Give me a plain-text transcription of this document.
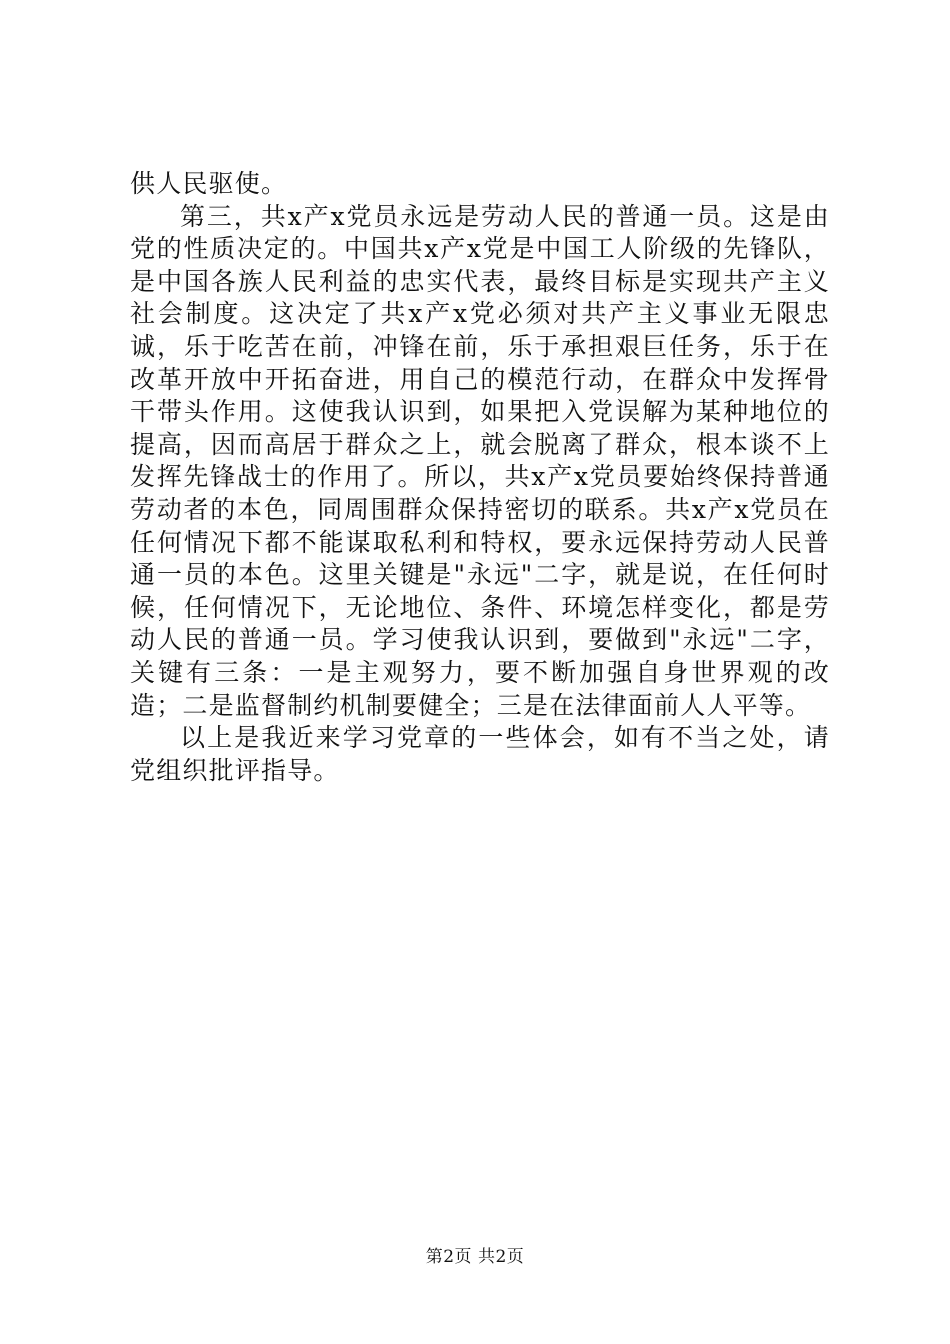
供人民驱使。

第三，共x产x党员永远是劳动人民的普通一员。这是由党的性质决定的。中国共x产x党是中国工人阶级的先锋队，是中国各族人民利益的忠实代表，最终目标是实现共产主义社会制度。这决定了共x产x党必须对共产主义事业无限忠诚，乐于吃苦在前，冲锋在前，乐于承担艰巨任务，乐于在改革开放中开拓奋进，用自己的模范行动，在群众中发挥骨干带头作用。这使我认识到，如果把入党误解为某种地位的提高，因而高居于群众之上，就会脱离了群众，根本谈不上发挥先锋战士的作用了。所以，共x产x党员要始终保持普通劳动者的本色，同周围群众保持密切的联系。共x产x党员在任何情况下都不能谋取私利和特权，要永远保持劳动人民普通一员的本色。这里关键是"永远"二字，就是说，在任何时候，任何情况下，无论地位、条件、环境怎样变化，都是劳动人民的普通一员。学习使我认识到，要做到"永远"二字，关键有三条：一是主观努力，要不断加强自身世界观的改造；二是监督制约机制要健全；三是在法律面前人人平等。

以上是我近来学习党章的一些体会，如有不当之处，请党组织批评指导。

第2页 共2页
